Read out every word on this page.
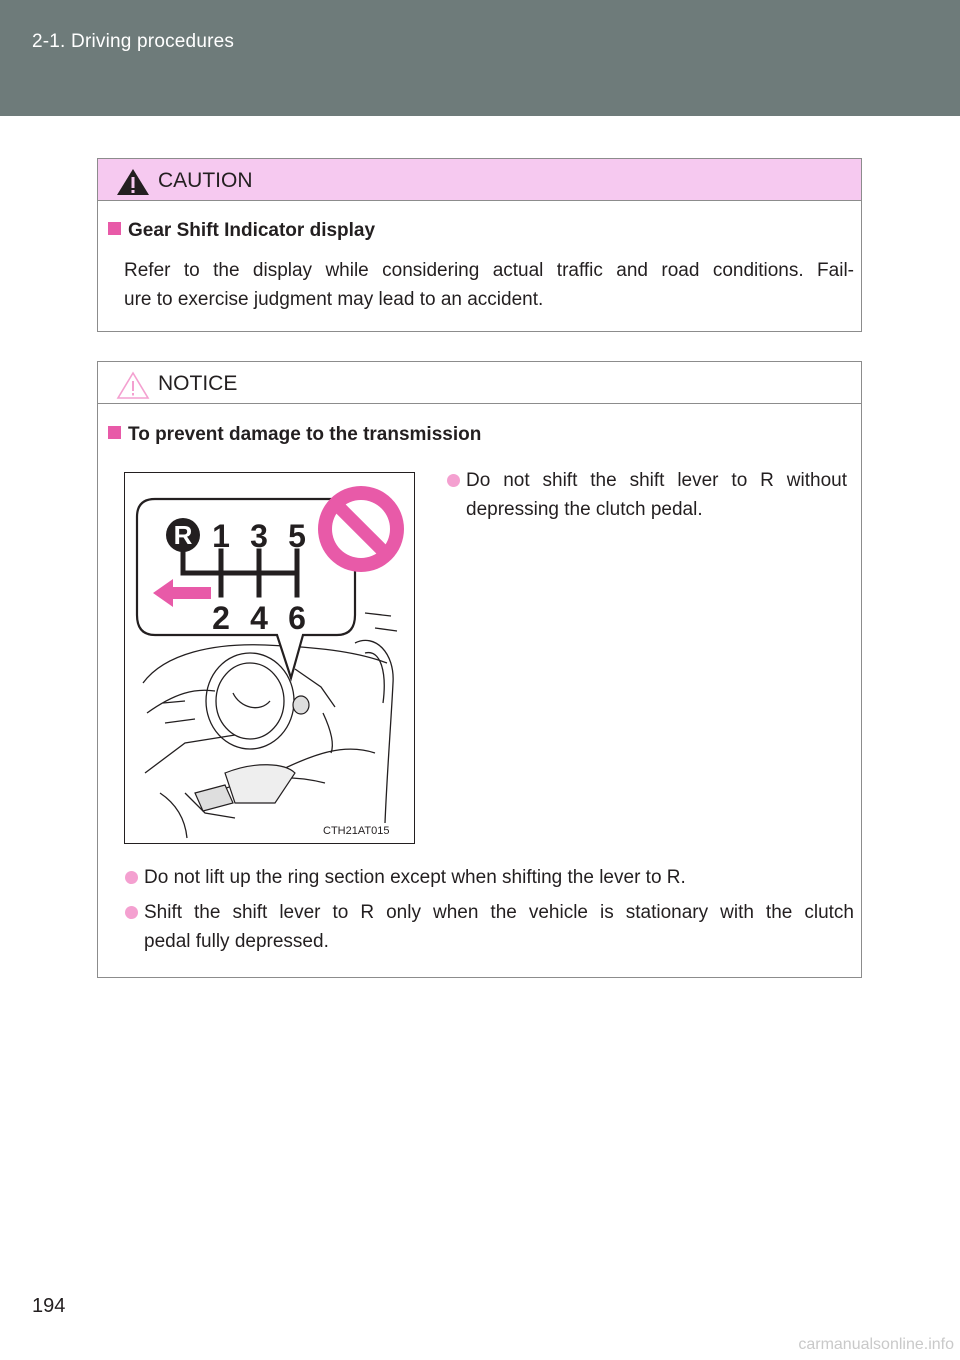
2-1. Driving procedures
CAUTION
Gear Shift Indicator display
Refer to the display while considering actual traffic and road conditions. Fail-
ure to exercise judgment may lead to an accident.
NOTICE
To prevent damage to the transmission
R 1 3 5
2 4 6
CTH21AT015
Do not shift the shift lever to R without
depressing the clutch pedal.
Do not lift up the ring section except when shifting the lever to R.
Shift the shift lever to R only when the vehicle is stationary with the clutch
pedal fully depressed.
194
carmanualsonline.info
